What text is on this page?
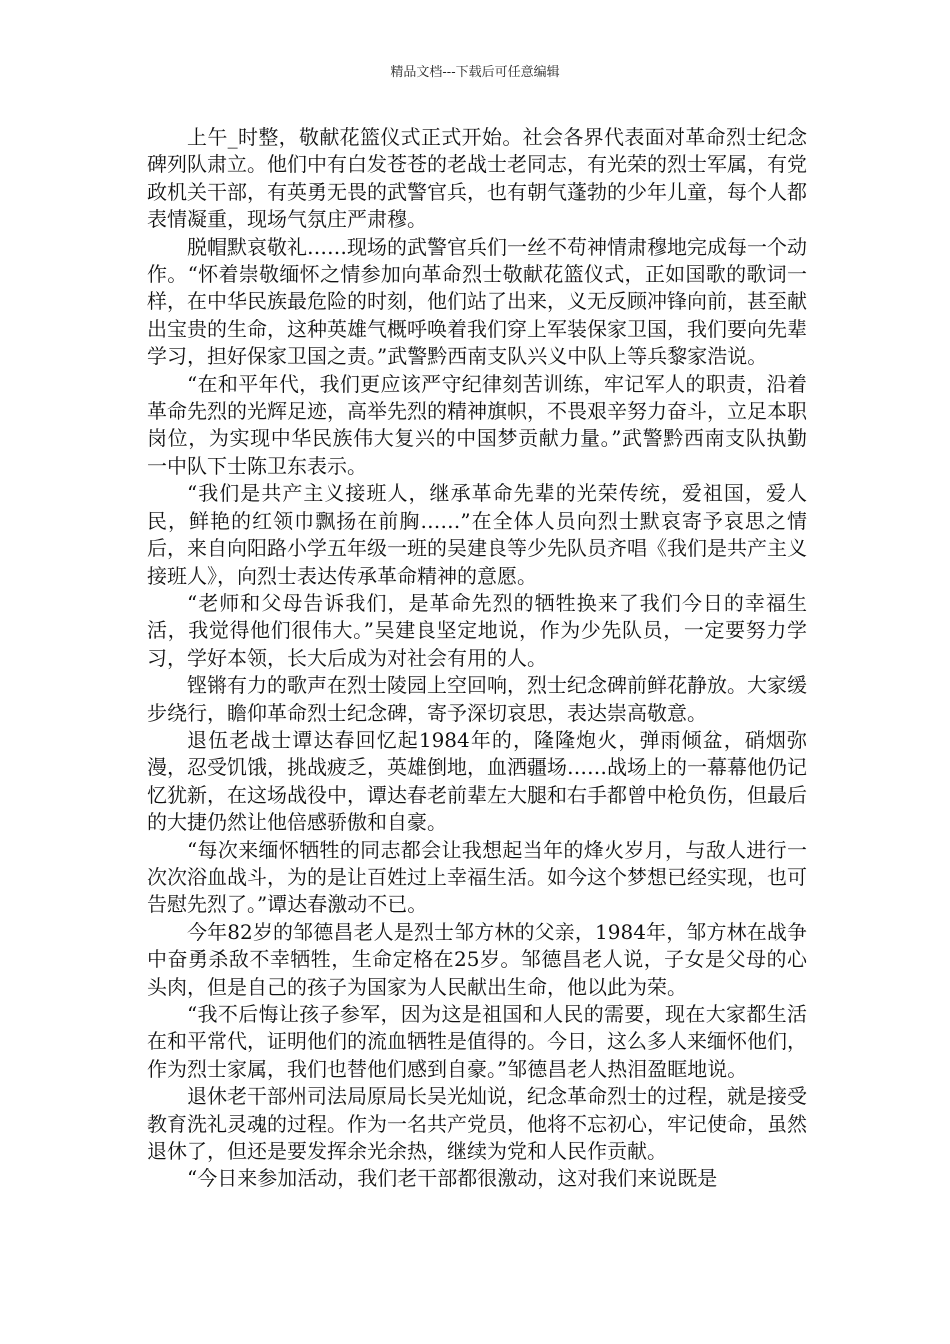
精品文档---下载后可任意编辑

上午_时整，敬献花篮仪式正式开始。社会各界代表面对革命烈士纪念碑列队肃立。他们中有白发苍苍的老战士老同志，有光荣的烈士军属，有党政机关干部，有英勇无畏的武警官兵，也有朝气蓬勃的少年儿童，每个人都表情凝重，现场气氛庄严肃穆。

脱帽默哀敬礼……现场的武警官兵们一丝不苟神情肃穆地完成每一个动作。“怀着崇敬缅怀之情参加向革命烈士敬献花篮仪式，正如国歌的歌词一样，在中华民族最危险的时刻，他们站了出来，义无反顾冲锋向前，甚至献出宝贵的生命，这种英雄气概呼唤着我们穿上军装保家卫国，我们要向先辈学习，担好保家卫国之责。”武警黔西南支队兴义中队上等兵黎家浩说。

“在和平年代，我们更应该严守纪律刻苦训练，牢记军人的职责，沿着革命先烈的光辉足迹，高举先烈的精神旗帜，不畏艰辛努力奋斗，立足本职岗位，为实现中华民族伟大复兴的中国梦贡献力量。”武警黔西南支队执勤一中队下士陈卫东表示。

“我们是共产主义接班人，继承革命先辈的光荣传统，爱祖国，爱人民，鲜艳的红领巾飘扬在前胸……”在全体人员向烈士默哀寄予哀思之情后，来自向阳路小学五年级一班的吴建良等少先队员齐唱《我们是共产主义接班人》，向烈士表达传承革命精神的意愿。

“老师和父母告诉我们，是革命先烈的牺牲换来了我们今日的幸福生活，我觉得他们很伟大。”吴建良坚定地说，作为少先队员，一定要努力学习，学好本领，长大后成为对社会有用的人。

铿锵有力的歌声在烈士陵园上空回响，烈士纪念碑前鲜花静放。大家缓步绕行，瞻仰革命烈士纪念碑，寄予深切哀思，表达崇高敬意。

退伍老战士谭达春回忆起1984年的，隆隆炮火，弹雨倾盆，硝烟弥漫，忍受饥饿，挑战疲乏，英雄倒地，血洒疆场……战场上的一幕幕他仍记忆犹新，在这场战役中，谭达春老前辈左大腿和右手都曾中枪负伤，但最后的大捷仍然让他倍感骄傲和自豪。

“每次来缅怀牺牲的同志都会让我想起当年的烽火岁月，与敌人进行一次次浴血战斗，为的是让百姓过上幸福生活。如今这个梦想已经实现，也可告慰先烈了。”谭达春激动不已。

今年82岁的邹德昌老人是烈士邹方林的父亲，1984年，邹方林在战争中奋勇杀敌不幸牺牲，生命定格在25岁。邹德昌老人说，子女是父母的心头肉，但是自己的孩子为国家为人民献出生命，他以此为荣。

“我不后悔让孩子参军，因为这是祖国和人民的需要，现在大家都生活在和平常代，证明他们的流血牺牲是值得的。今日，这么多人来缅怀他们，作为烈士家属，我们也替他们感到自豪。”邹德昌老人热泪盈眶地说。

退休老干部州司法局原局长吴光灿说，纪念革命烈士的过程，就是接受教育洗礼灵魂的过程。作为一名共产党员，他将不忘初心，牢记使命，虽然退休了，但还是要发挥余光余热，继续为党和人民作贡献。

“今日来参加活动，我们老干部都很激动，这对我们来说既是
